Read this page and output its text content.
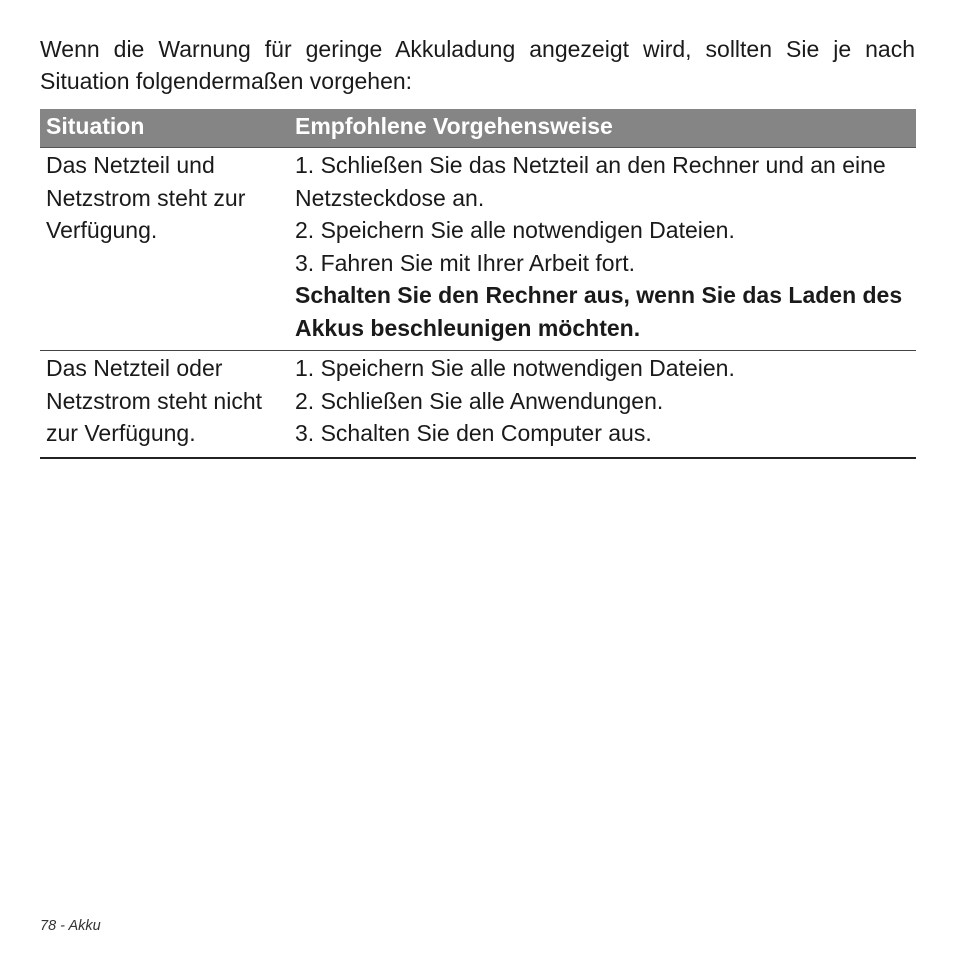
Wenn die Warnung für geringe Akkuladung angezeigt wird, sollten Sie je nach Situation folgendermaßen vorgehen:

Situation	Empfohlene Vorgehensweise
Das Netzteil und Netzstrom steht zur Verfügung.	1. Schließen Sie das Netzteil an den Rechner und an eine Netzsteckdose an.
2. Speichern Sie alle notwendigen Dateien.
3. Fahren Sie mit Ihrer Arbeit fort.
Schalten Sie den Rechner aus, wenn Sie das Laden des Akkus beschleunigen möchten.

Das Netzteil oder Netzstrom steht nicht zur Verfügung.	1. Speichern Sie alle notwendigen Dateien.
2. Schließen Sie alle Anwendungen.
3. Schalten Sie den Computer aus.
78 - Akku
